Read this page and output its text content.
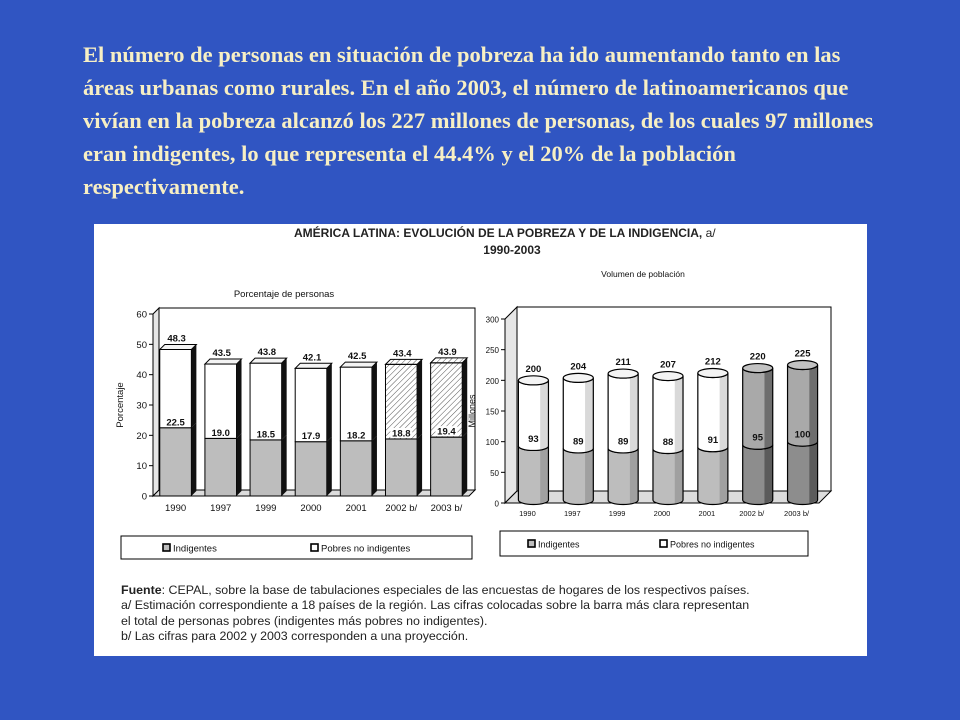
El número de personas en situación de pobreza ha ido aumentando tanto en las áreas urbanas como rurales. En el año 2003, el número de latinoamericanos que vivían en la pobreza alcanzó los 227 millones de personas, de los cuales 97 millones eran indigentes, lo que representa el 44.4% y el 20% de la población respectivamente.

AMÉRICA LATINA: EVOLUCIÓN DE LA POBREZA Y DE LA INDIGENCIA, a/
1990-2003
0
10
20
30
40
50
60
48.3
22.5
1990
43.5
19.0
1997
43.8
18.5
1999
42.1
17.9
2000
42.5
18.2
2001
43.4
18.8
2002 b/
43.9
19.4
2003 b/
Porcentaje
Porcentaje de personas
Indigentes	Pobres no indigentes
0
50
100
150
200
250
300
200
93
1990
204
89
1997
211
89
1999
207
88
2000
212
91
2001
220
95
2002 b/
225
100
2003 b/
Millones
Volumen de población
Indigentes	Pobres no indigentes
Fuente: CEPAL, sobre la base de tabulaciones especiales de las encuestas de hogares de los respectivos países.
a/ Estimación correspondiente a 18 países de la región. Las cifras colocadas sobre la barra más clara representan
el total de personas pobres (indigentes más pobres no indigentes).
b/ Las cifras para 2002 y 2003 corresponden a una proyección.
